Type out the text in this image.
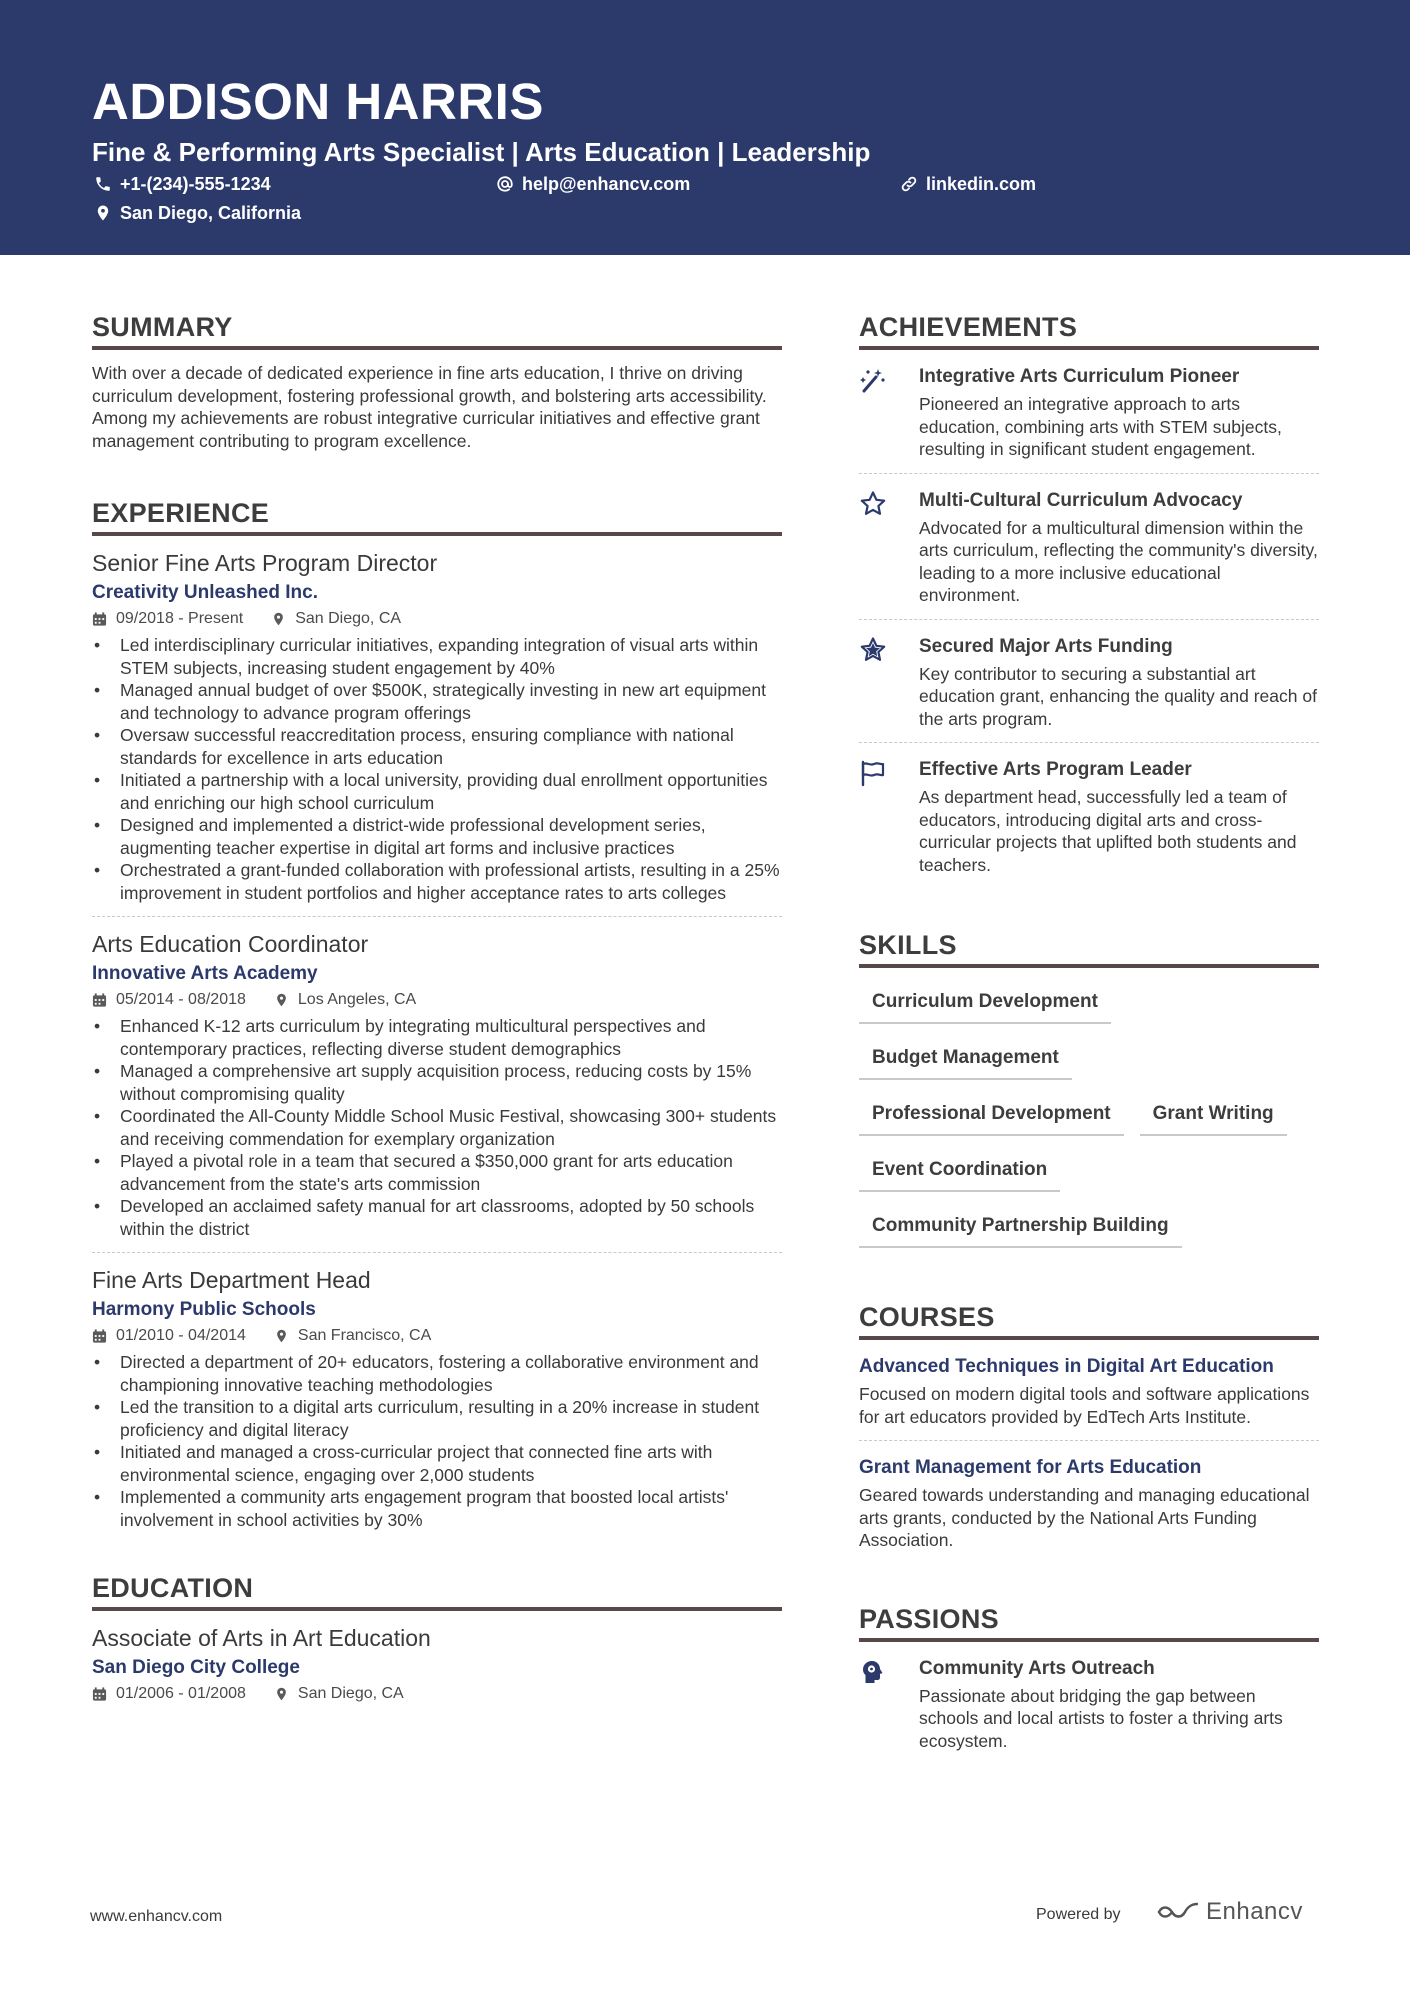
ADDISON HARRIS
Fine & Performing Arts Specialist | Arts Education | Leadership
+1-(234)-555-1234	help@enhancv.com	linkedin.com
San Diego, California
SUMMARY
With over a decade of dedicated experience in fine arts education, I thrive on driving curriculum development, fostering professional growth, and bolstering arts accessibility. Among my achievements are robust integrative curricular initiatives and effective grant management contributing to program excellence.
EXPERIENCE
Senior Fine Arts Program Director
Creativity Unleashed Inc.
09/2018 - Present	San Diego, CA
• Led interdisciplinary curricular initiatives, expanding integration of visual arts within STEM subjects, increasing student engagement by 40%
• Managed annual budget of over $500K, strategically investing in new art equipment and technology to advance program offerings
• Oversaw successful reaccreditation process, ensuring compliance with national standards for excellence in arts education
• Initiated a partnership with a local university, providing dual enrollment opportunities and enriching our high school curriculum
• Designed and implemented a district-wide professional development series, augmenting teacher expertise in digital art forms and inclusive practices
• Orchestrated a grant-funded collaboration with professional artists, resulting in a 25% improvement in student portfolios and higher acceptance rates to arts colleges
Arts Education Coordinator
Innovative Arts Academy
05/2014 - 08/2018	Los Angeles, CA
• Enhanced K-12 arts curriculum by integrating multicultural perspectives and contemporary practices, reflecting diverse student demographics
• Managed a comprehensive art supply acquisition process, reducing costs by 15% without compromising quality
• Coordinated the All-County Middle School Music Festival, showcasing 300+ students and receiving commendation for exemplary organization
• Played a pivotal role in a team that secured a $350,000 grant for arts education advancement from the state's arts commission
• Developed an acclaimed safety manual for art classrooms, adopted by 50 schools within the district
Fine Arts Department Head
Harmony Public Schools
01/2010 - 04/2014	San Francisco, CA
• Directed a department of 20+ educators, fostering a collaborative environment and championing innovative teaching methodologies
• Led the transition to a digital arts curriculum, resulting in a 20% increase in student proficiency and digital literacy
• Initiated and managed a cross-curricular project that connected fine arts with environmental science, engaging over 2,000 students
• Implemented a community arts engagement program that boosted local artists' involvement in school activities by 30%
EDUCATION
Associate of Arts in Art Education
San Diego City College
01/2006 - 01/2008	San Diego, CA
ACHIEVEMENTS
Integrative Arts Curriculum Pioneer
Pioneered an integrative approach to arts education, combining arts with STEM subjects, resulting in significant student engagement.
Multi-Cultural Curriculum Advocacy
Advocated for a multicultural dimension within the arts curriculum, reflecting the community's diversity, leading to a more inclusive educational environment.
Secured Major Arts Funding
Key contributor to securing a substantial art education grant, enhancing the quality and reach of the arts program.
Effective Arts Program Leader
As department head, successfully led a team of educators, introducing digital arts and cross-curricular projects that uplifted both students and teachers.
SKILLS
Curriculum Development
Budget Management
Professional Development	Grant Writing
Event Coordination
Community Partnership Building
COURSES
Advanced Techniques in Digital Art Education
Focused on modern digital tools and software applications for art educators provided by EdTech Arts Institute.
Grant Management for Arts Education
Geared towards understanding and managing educational arts grants, conducted by the National Arts Funding Association.
PASSIONS
Community Arts Outreach
Passionate about bridging the gap between schools and local artists to foster a thriving arts ecosystem.
www.enhancv.com	Powered by	Enhancv
